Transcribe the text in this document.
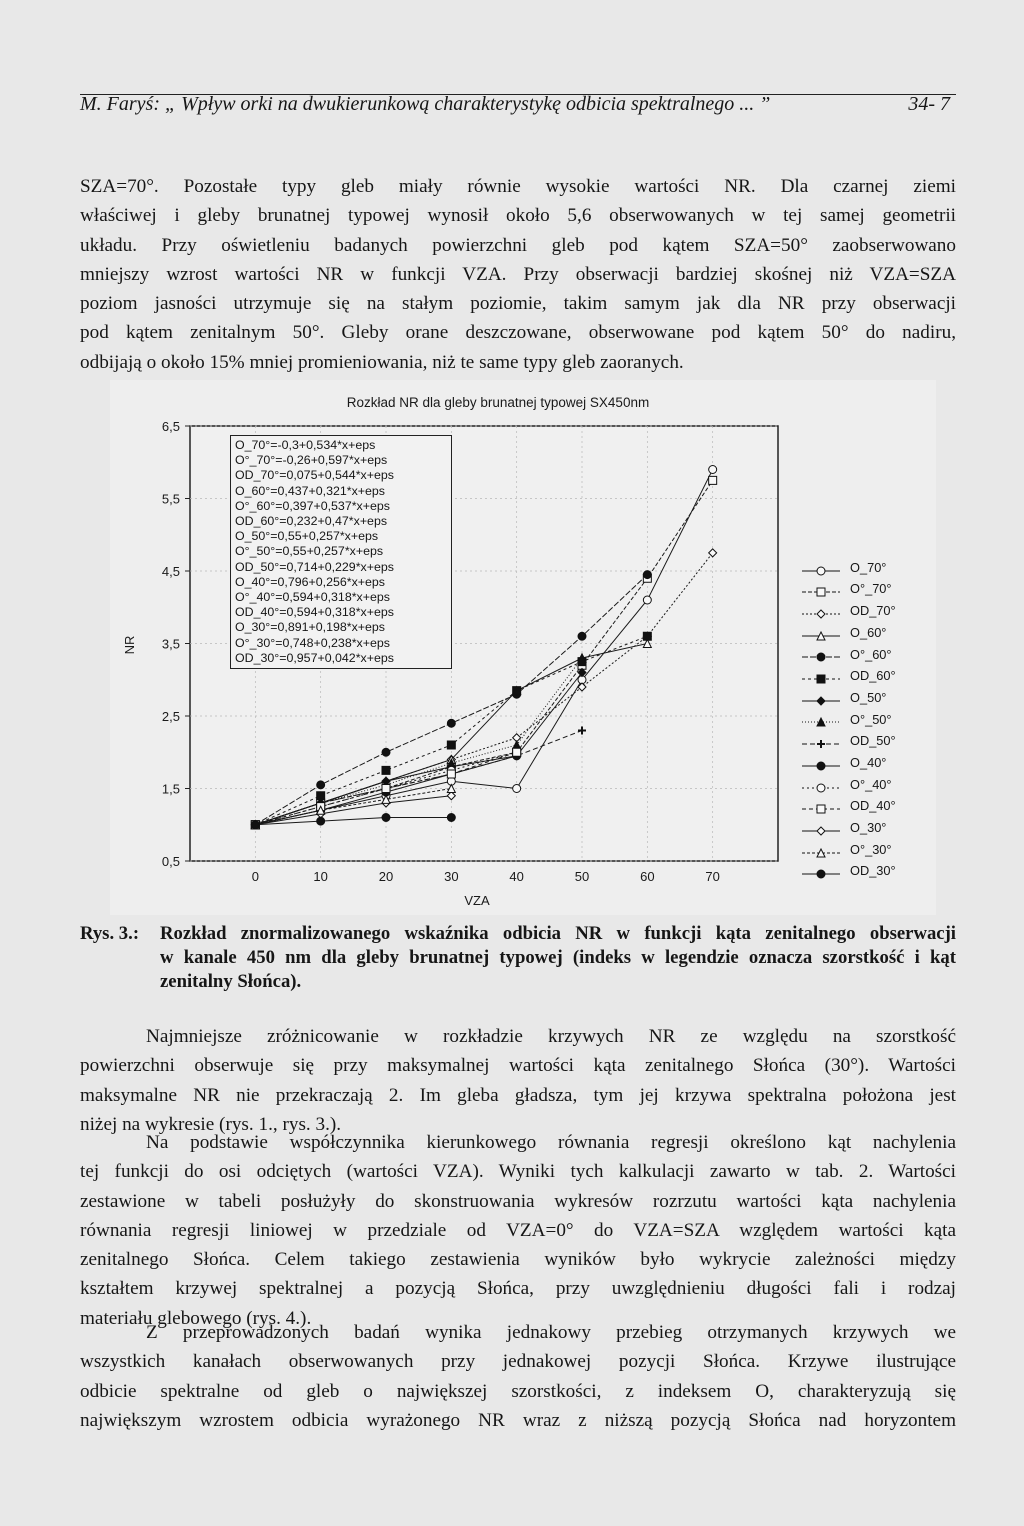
M. Faryś: „ Wpływ orki na dwukierunkową charakterystykę odbicia spektralnego ... ”	34- 7
SZA=70°. Pozostałe typy gleb miały równie wysokie wartości NR. Dla czarnej ziemi
właściwej i gleby brunatnej typowej wynosił około 5,6 obserwowanych w tej samej geometrii
układu. Przy oświetleniu badanych powierzchni gleb pod kątem SZA=50° zaobserwowano
mniejszy wzrost wartości NR w funkcji VZA. Przy obserwacji bardziej skośnej niż VZA=SZA
poziom jasności utrzymuje się na stałym poziomie, takim samym jak dla NR przy obserwacji
pod kątem zenitalnym 50°. Gleby orane deszczowane, obserwowane pod kątem 50° do nadiru,
odbijają o około 15% mniej promieniowania, niż te same typy gleb zaoranych.
Rozkład NR dla gleby brunatnej typowej SX450nm
0,5
1,5
2,5
3,5
4,5
5,5
6,5
0	10	20	30	40	50	60	70
NR
VZA
O_70°=-0,3+0,534*x+eps
O°_70°=-0,26+0,597*x+eps
OD_70°=0,075+0,544*x+eps
O_60°=0,437+0,321*x+eps
O°_60°=0,397+0,537*x+eps
OD_60°=0,232+0,47*x+eps
O_50°=0,55+0,257*x+eps
O°_50°=0,55+0,257*x+eps
OD_50°=0,714+0,229*x+eps
O_40°=0,796+0,256*x+eps
O°_40°=0,594+0,318*x+eps
OD_40°=0,594+0,318*x+eps
O_30°=0,891+0,198*x+eps
O°_30°=0,748+0,238*x+eps
OD_30°=0,957+0,042*x+eps
O_70°
O°_70°
OD_70°
O_60°
O°_60°
OD_60°
O_50°
O°_50°
OD_50°
O_40°
O°_40°
OD_40°
O_30°
O°_30°
OD_30°
Rys. 3.: Rozkład znormalizowanego wskaźnika odbicia NR w funkcji kąta zenitalnego obserwacji
w kanale 450 nm dla gleby brunatnej typowej (indeks w legendzie oznacza szorstkość i kąt
zenitalny Słońca).
Najmniejsze zróżnicowanie w rozkładzie krzywych NR ze względu na szorstkość
powierzchni obserwuje się przy maksymalnej wartości kąta zenitalnego Słońca (30°). Wartości
maksymalne NR nie przekraczają 2. Im gleba gładsza, tym jej krzywa spektralna położona jest
niżej na wykresie (rys. 1., rys. 3.).
Na podstawie współczynnika kierunkowego równania regresji określono kąt nachylenia
tej funkcji do osi odciętych (wartości VZA). Wyniki tych kalkulacji zawarto w tab. 2. Wartości
zestawione w tabeli posłużyły do skonstruowania wykresów rozrzutu wartości kąta nachylenia
równania regresji liniowej w przedziale od VZA=0° do VZA=SZA względem wartości kąta
zenitalnego Słońca. Celem takiego zestawienia wyników było wykrycie zależności między
kształtem krzywej spektralnej a pozycją Słońca, przy uwzględnieniu długości fali i rodzaj
materiału glebowego (rys. 4.).
Z przeprowadzonych badań wynika jednakowy przebieg otrzymanych krzywych we
wszystkich kanałach obserwowanych przy jednakowej pozycji Słońca. Krzywe ilustrujące
odbicie spektralne od gleb o największej szorstkości, z indeksem O, charakteryzują się
największym wzrostem odbicia wyrażonego NR wraz z niższą pozycją Słońca nad horyzontem
